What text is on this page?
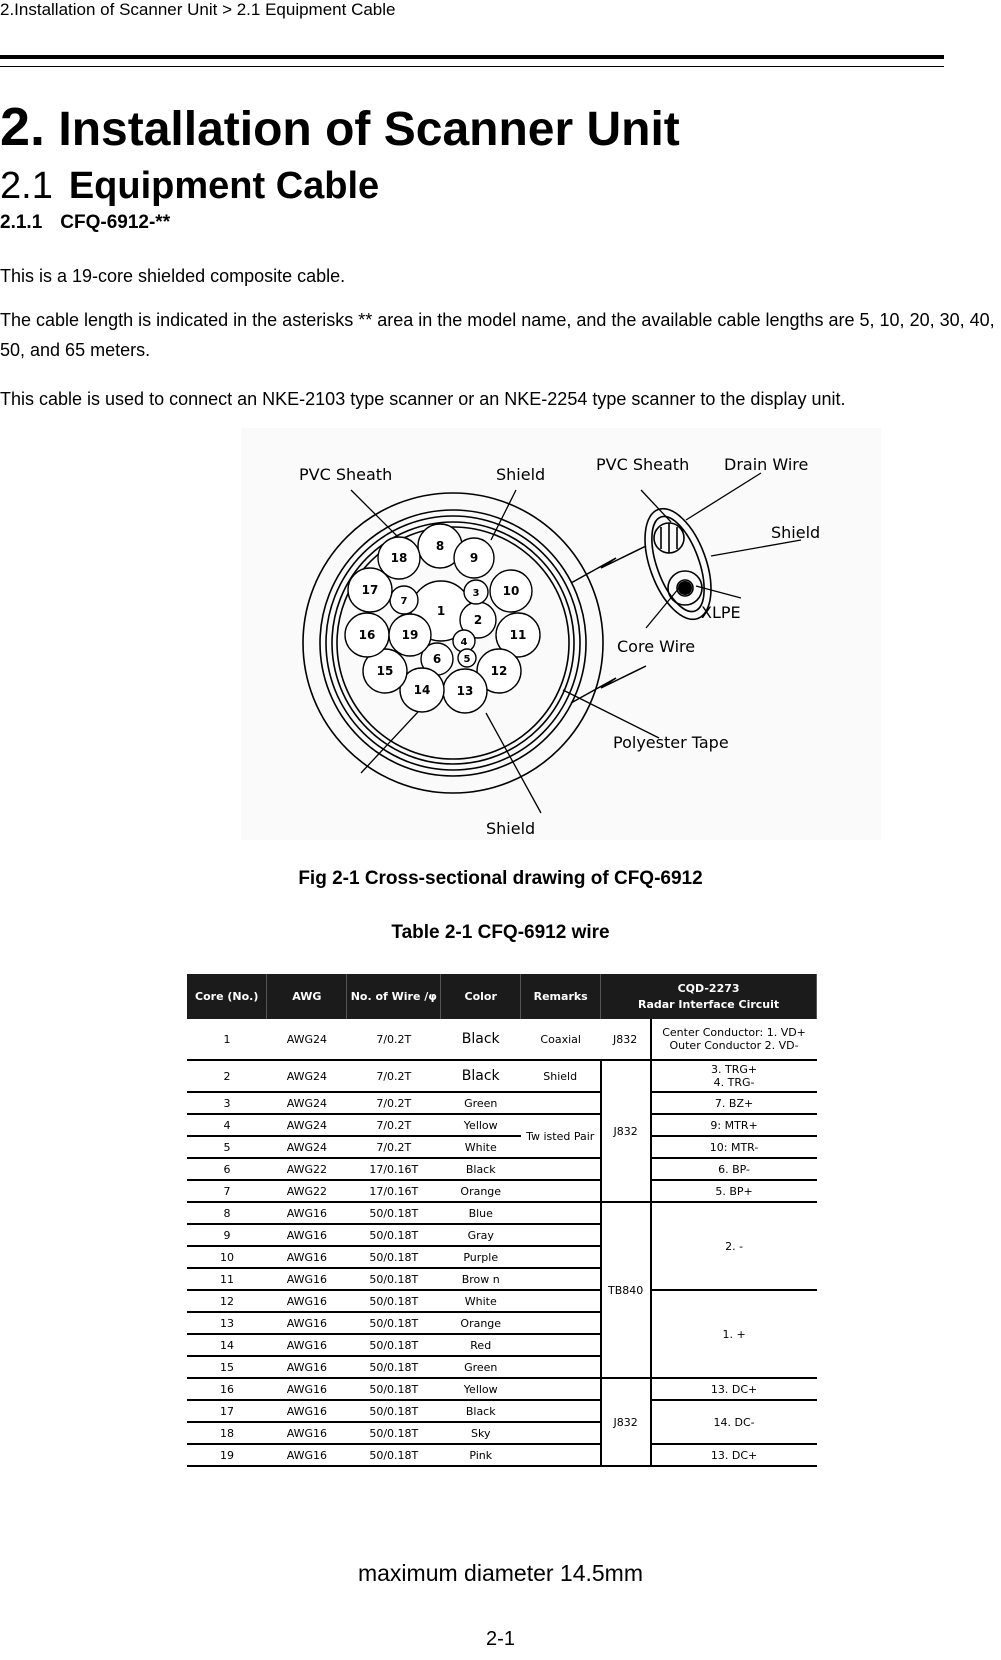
2.Installation of Scanner Unit > 2.1 Equipment Cable
2. Installation of Scanner Unit
2.1 Equipment Cable
2.1.1 CFQ-6912-**
This is a 19-core shielded composite cable.
The cable length is indicated in the asterisks ** area in the model name, and the available cable lengths are 5, 10, 20, 30, 40, 50, and 65 meters.
This cable is used to connect an NKE-2103 type scanner or an NKE-2254 type scanner to the display unit.
PVC Sheath	Shield
PVC Sheath Drain Wire
Shield
XLPE
Core Wire
Polyester Tape
Shield
1
2
3
4
5
6
7
8
9
10
11
12
13
14
15
16
17
18
19
Fig 2-1 Cross-sectional drawing of CFQ-6912
Table 2-1 CFQ-6912 wire
Core (No.)	AWG	No. of Wire /φ	Color	Remarks	CQD-2273
Radar Interface Circuit	
1	AWG24	7/0.2T	Black	Coaxial	J832	Center Conductor: 1. VD+
Outer Conductor 2. VD-
2	AWG24	7/0.2T	Black	Shield	J832	3. TRG+
4. TRG-
3	AWG24	7/0.2T	Green			7. BZ+
4	AWG24	7/0.2T	Yellow	Tw isted Pair		9: MTR+
5	AWG24	7/0.2T	White			10: MTR-
6	AWG22	17/0.16T	Black			6. BP-
7	AWG22	17/0.16T	Orange			5. BP+
8	AWG16	50/0.18T	Blue		TB840	2. -
9	AWG16	50/0.18T	Gray			
10	AWG16	50/0.18T	Purple			
11	AWG16	50/0.18T	Brow n			
12	AWG16	50/0.18T	White			1. +
13	AWG16	50/0.18T	Orange			
14	AWG16	50/0.18T	Red			
15	AWG16	50/0.18T	Green			
16	AWG16	50/0.18T	Yellow		J832	13. DC+
17	AWG16	50/0.18T	Black			14. DC-
18	AWG16	50/0.18T	Sky			
19	AWG16	50/0.18T	Pink			13. DC+
maximum diameter 14.5mm
2-1
